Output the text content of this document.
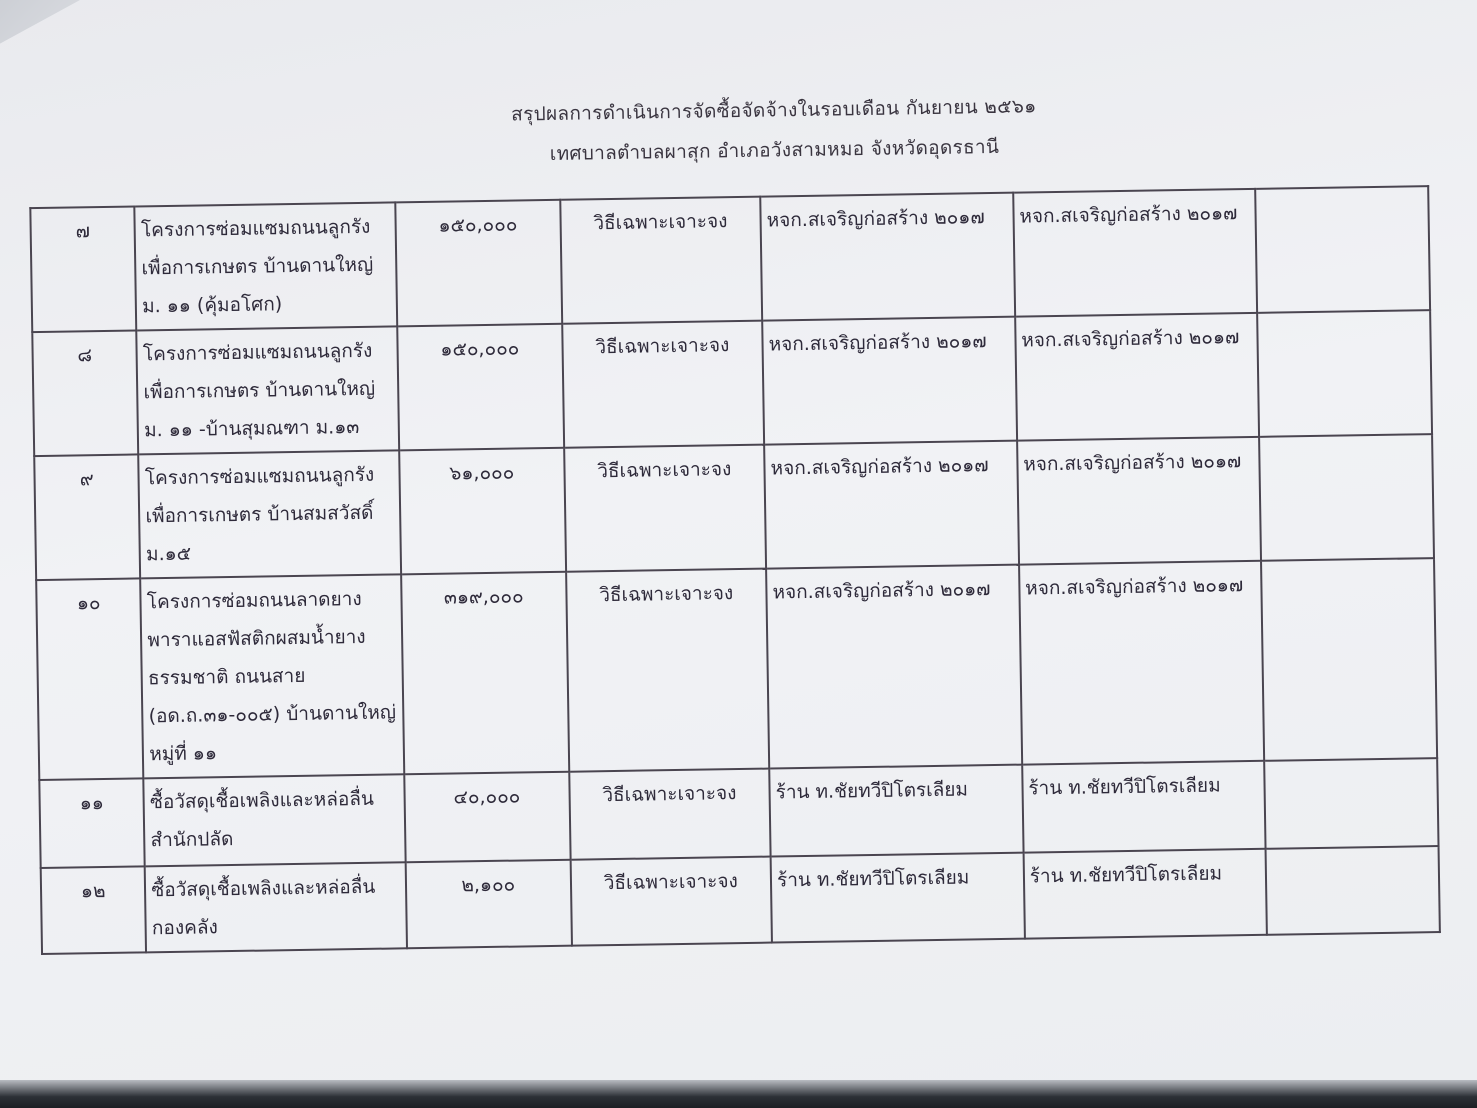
สรุปผลการดำเนินการจัดซื้อจัดจ้างในรอบเดือน กันยายน ๒๕๖๑
เทศบาลตำบลผาสุก อำเภอวังสามหมอ จังหวัดอุดรธานี
๗	โครงการซ่อมแซมถนนลูกรัง
เพื่อการเกษตร บ้านดานใหญ่
ม. ๑๑ (คุ้มอโศก)	๑๕๐,๐๐๐	วิธีเฉพาะเจาะจง	หจก.สเจริญก่อสร้าง ๒๐๑๗	หจก.สเจริญก่อสร้าง ๒๐๑๗	
๘	โครงการซ่อมแซมถนนลูกรัง
เพื่อการเกษตร บ้านดานใหญ่
ม. ๑๑ -บ้านสุมณฑา ม.๑๓	๑๕๐,๐๐๐	วิธีเฉพาะเจาะจง	หจก.สเจริญก่อสร้าง ๒๐๑๗	หจก.สเจริญก่อสร้าง ๒๐๑๗	
๙	โครงการซ่อมแซมถนนลูกรัง
เพื่อการเกษตร บ้านสมสวัสดิ์
ม.๑๕	๖๑,๐๐๐	วิธีเฉพาะเจาะจง	หจก.สเจริญก่อสร้าง ๒๐๑๗	หจก.สเจริญก่อสร้าง ๒๐๑๗	
๑๐	โครงการซ่อมถนนลาดยาง
พาราแอสฟัสติกผสมน้ำยาง
ธรรมชาติ ถนนสาย
(อด.ถ.๓๑-๐๐๕) บ้านดานใหญ่
หมู่ที่ ๑๑	๓๑๙,๐๐๐	วิธีเฉพาะเจาะจง	หจก.สเจริญก่อสร้าง ๒๐๑๗	หจก.สเจริญก่อสร้าง ๒๐๑๗	
๑๑	ซื้อวัสดุเชื้อเพลิงและหล่อลื่น
สำนักปลัด	๔๐,๐๐๐	วิธีเฉพาะเจาะจง	ร้าน ท.ชัยทวีปิโตรเลียม	ร้าน ท.ชัยทวีปิโตรเลียม	
๑๒	ซื้อวัสดุเชื้อเพลิงและหล่อลื่น
กองคลัง	๒,๑๐๐	วิธีเฉพาะเจาะจง	ร้าน ท.ชัยทวีปิโตรเลียม	ร้าน ท.ชัยทวีปิโตรเลียม	
